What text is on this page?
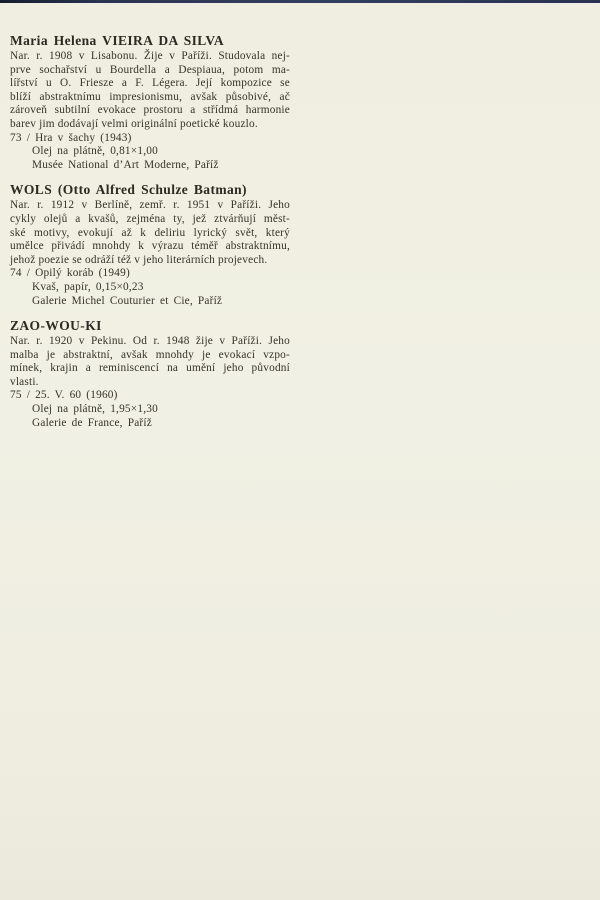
Maria Helena VIEIRA DA SILVA

Nar. r. 1908 v Lisabonu. Žije v Paříži. Studovala nej-
prve sochařství u Bourdella a Despiaua, potom ma-
lířství u O. Friesze a F. Légera. Její kompozice se
blíží abstraktnímu impresionismu, avšak působivé, ač
zároveň subtilní evokace prostoru a střídmá harmonie
barev jim dodávají velmi originální poetické kouzlo.

73 / Hra v šachy (1943)
Olej na plátně, 0,81×1,00
Musée National d’Art Moderne, Paříž
WOLS (Otto Alfred Schulze Batman)

Nar. r. 1912 v Berlíně, zemř. r. 1951 v Paříži. Jeho
cykly olejů a kvašů, zejména ty, jež ztvárňují měst-
ské motivy, evokují až k deliriu lyrický svět, který
umělce přivádí mnohdy k výrazu téměř abstraktnímu,
jehož poezie se odráží též v jeho literárních projevech.

74 / Opilý koráb (1949)
Kvaš, papír, 0,15×0,23
Galerie Michel Couturier et Cie, Paříž
ZAO-WOU-KI

Nar. r. 1920 v Pekinu. Od r. 1948 žije v Paříži. Jeho
malba je abstraktní, avšak mnohdy je evokací vzpo-
mínek, krajin a reminiscencí na umění jeho původní
vlasti.

75 / 25. V. 60 (1960)
Olej na plátně, 1,95×1,30
Galerie de France, Paříž
